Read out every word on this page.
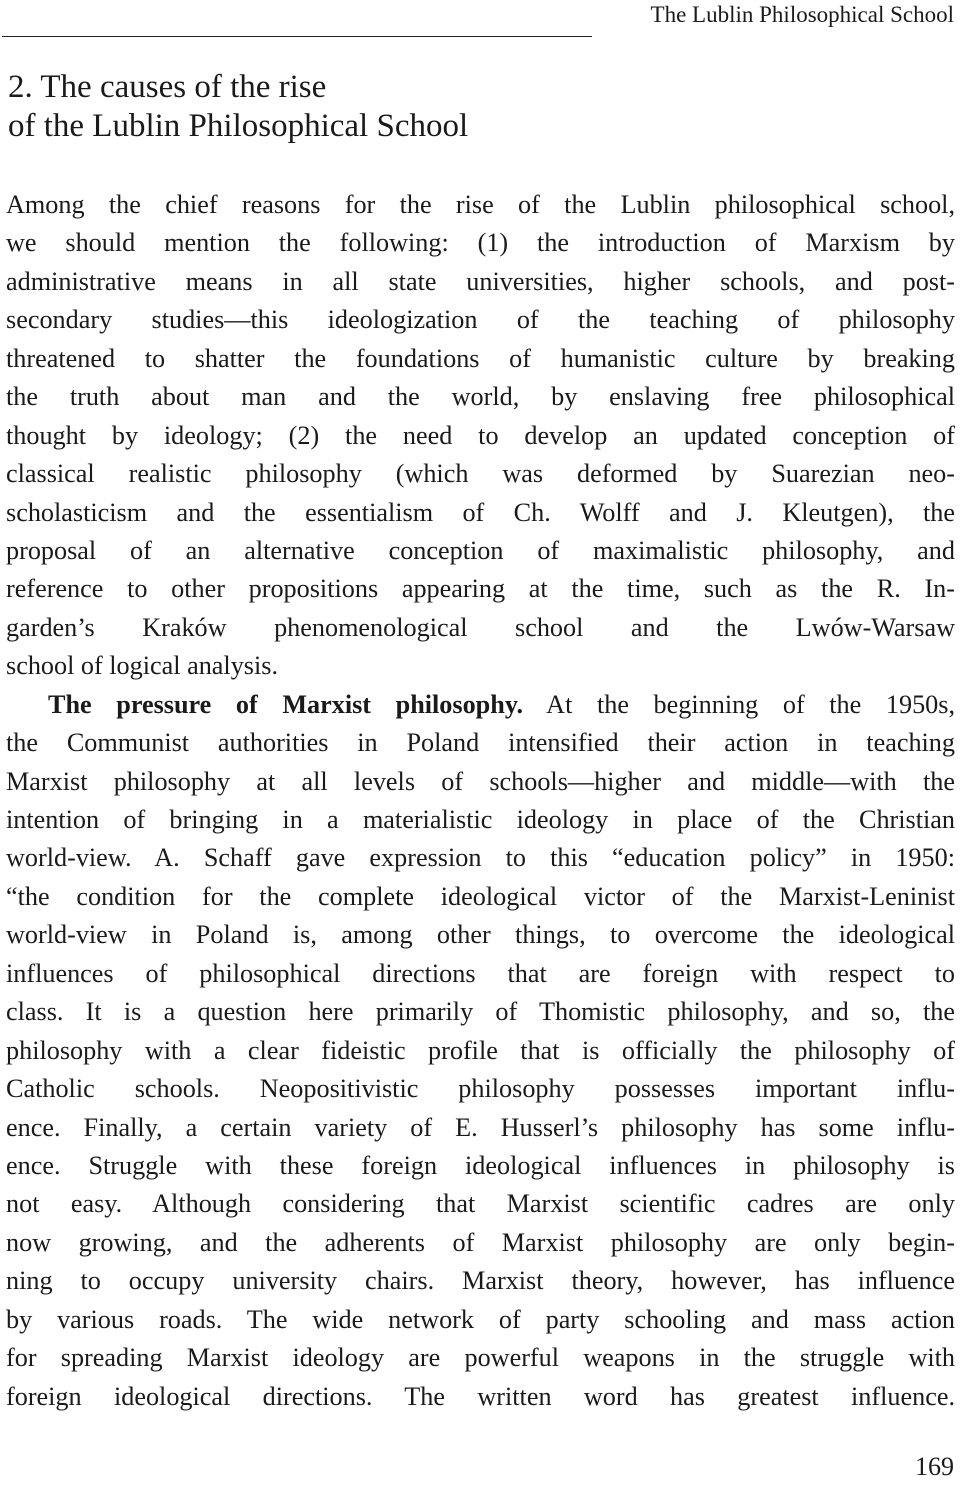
The Lublin Philosophical School
2. The causes of the rise
of the Lublin Philosophical School
Among the chief reasons for the rise of the Lublin philosophical school,
we should mention the following: (1) the introduction of Marxism by
administrative means in all state universities, higher schools, and post-
secondary studies—this ideologization of the teaching of philosophy
threatened to shatter the foundations of humanistic culture by breaking
the truth about man and the world, by enslaving free philosophical
thought by ideology; (2) the need to develop an updated conception of
classical realistic philosophy (which was deformed by Suarezian neo-
scholasticism and the essentialism of Ch. Wolff and J. Kleutgen), the
proposal of an alternative conception of maximalistic philosophy, and
reference to other propositions appearing at the time, such as the R. In-
garden’s Kraków phenomenological school and the Lwów-Warsaw
school of logical analysis.
The pressure of Marxist philosophy. At the beginning of the 1950s,
the Communist authorities in Poland intensified their action in teaching
Marxist philosophy at all levels of schools—higher and middle—with the
intention of bringing in a materialistic ideology in place of the Christian
world-view. A. Schaff gave expression to this “education policy” in 1950:
“the condition for the complete ideological victor of the Marxist-Leninist
world-view in Poland is, among other things, to overcome the ideological
influences of philosophical directions that are foreign with respect to
class. It is a question here primarily of Thomistic philosophy, and so, the
philosophy with a clear fideistic profile that is officially the philosophy of
Catholic schools. Neopositivistic philosophy possesses important influ-
ence. Finally, a certain variety of E. Husserl’s philosophy has some influ-
ence. Struggle with these foreign ideological influences in philosophy is
not easy. Although considering that Marxist scientific cadres are only
now growing, and the adherents of Marxist philosophy are only begin-
ning to occupy university chairs. Marxist theory, however, has influence
by various roads. The wide network of party schooling and mass action
for spreading Marxist ideology are powerful weapons in the struggle with
foreign ideological directions. The written word has greatest influence.
169
